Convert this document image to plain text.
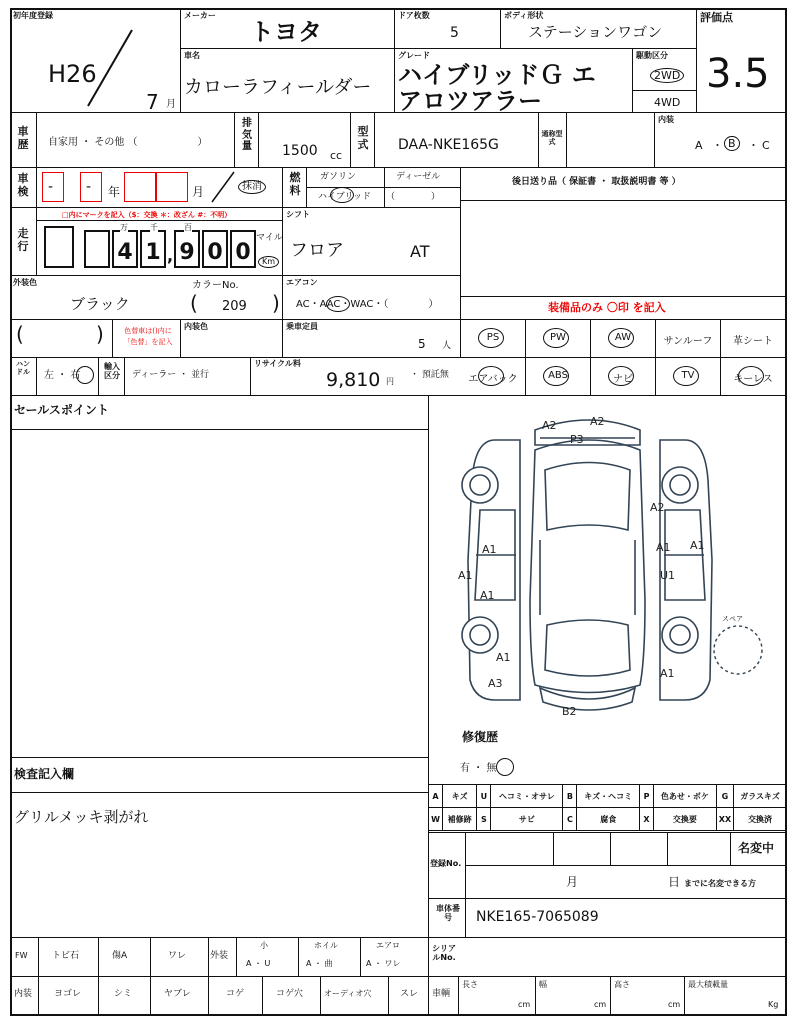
初年度登録
H26
7 月
メーカー
トヨタ
ドア枚数
5
ボディ形状
ステーションワゴン
評価点
3.5
車名
カローラフィールダー
グレード
ハイブリッドＧ エ
アロツアラー
駆動区分
2WD
4WD
車歴 自家用 ・ その他 （　　　　　　）
排気量 1500 cc
型式 DAA-NKE165G
通称型式
内装
A ・ B	・ C
車検 - - 年	月	抹消
燃料
ガソリン	ディーゼル
ハイブリッド （　　　　）
後日送り品（ 保証書 ・ 取扱説明書 等 ）
□内にマークを記入（$：交換 ＊：改ざん #：不明）
走行	4 1 , 9 0 0
万	千	百
マイル
Km
シフト
フロア	AT
外装色
ブラック
カラーNo.
( 209 )
エアコン
AC・AAC・WAC・（　　　　）	装備品のみ 〇印 を記入
(	)	色替車は()内に「色替」を記入
内装色	乗車定員
5 人
PS	PW	AW	サンルーフ	革シート
エアバック	ABS	ナビ	TV	キーレス
ハンドル 左 ・ 右
輸入区分	ディーラー ・ 並行
リサイクル料
9,810 円
・ 預託無
セールスポイント
検査記入欄
グリルメッキ剥がれ
A2	A2
P3
A2
A1	A1
A1
A1
A1
U1
A1
A1
A3
B2
スペア
修復歴
有 ・ 無
A	キズ	U	ヘコミ・オサレ	B	キズ・ヘコミ	P	色あせ・ボケ	G	ガラスキズ
W	補修跡	S	サビ	C	腐食	X	交換要	XX	交換済
登録No.
名変中
月	日 までに名変できる方
車体番号	NKE165-7065089
FW	トビ石	傷A	ワレ	外装
小
A ・ U
ホイル
A ・ 曲
エアロ
A ・ ワレ
シリアルNo.
内装 ヨゴレ	シミ	ヤブレ	コゲ	コゲ穴	オーディオ穴	スレ 車輌
長さ
cm
幅
cm
高さ
cm
最大積載量
Kg
